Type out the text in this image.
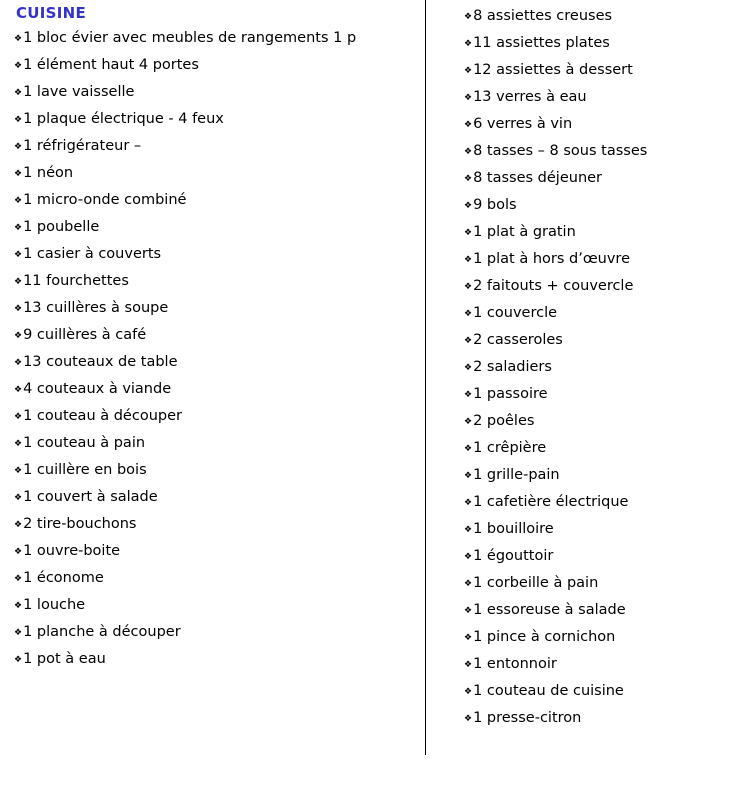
CUISINE
❖ 1 bloc évier avec meubles de rangements 1 p
❖ 1 élément haut 4 portes
❖ 1 lave vaisselle
❖ 1 plaque électrique - 4 feux
❖ 1 réfrigérateur –
❖ 1 néon
❖ 1 micro-onde combiné
❖ 1 poubelle
❖ 1 casier à couverts
❖ 11 fourchettes
❖ 13 cuillères à soupe
❖ 9 cuillères à café
❖ 13 couteaux de table
❖ 4 couteaux à viande
❖ 1 couteau à découper
❖ 1 couteau à pain
❖ 1 cuillère en bois
❖ 1 couvert à salade
❖ 2 tire-bouchons
❖ 1 ouvre-boite
❖ 1 économe
❖ 1 louche
❖ 1 planche à découper
❖ 1 pot à eau
❖ 8 assiettes creuses
❖ 11 assiettes plates
❖ 12 assiettes à dessert
❖ 13 verres à eau
❖ 6 verres à vin
❖ 8 tasses – 8 sous tasses
❖ 8 tasses déjeuner
❖ 9 bols
❖ 1 plat à gratin
❖ 1 plat à hors d’œuvre
❖ 2 faitouts + couvercle
❖ 1 couvercle
❖ 2 casseroles
❖ 2 saladiers
❖ 1 passoire
❖ 2 poêles
❖ 1 crêpière
❖ 1 grille-pain
❖ 1 cafetière électrique
❖ 1 bouilloire
❖ 1 égouttoir
❖ 1 corbeille à pain
❖ 1 essoreuse à salade
❖ 1 pince à cornichon
❖ 1 entonnoir
❖ 1 couteau de cuisine
❖ 1 presse-citron
